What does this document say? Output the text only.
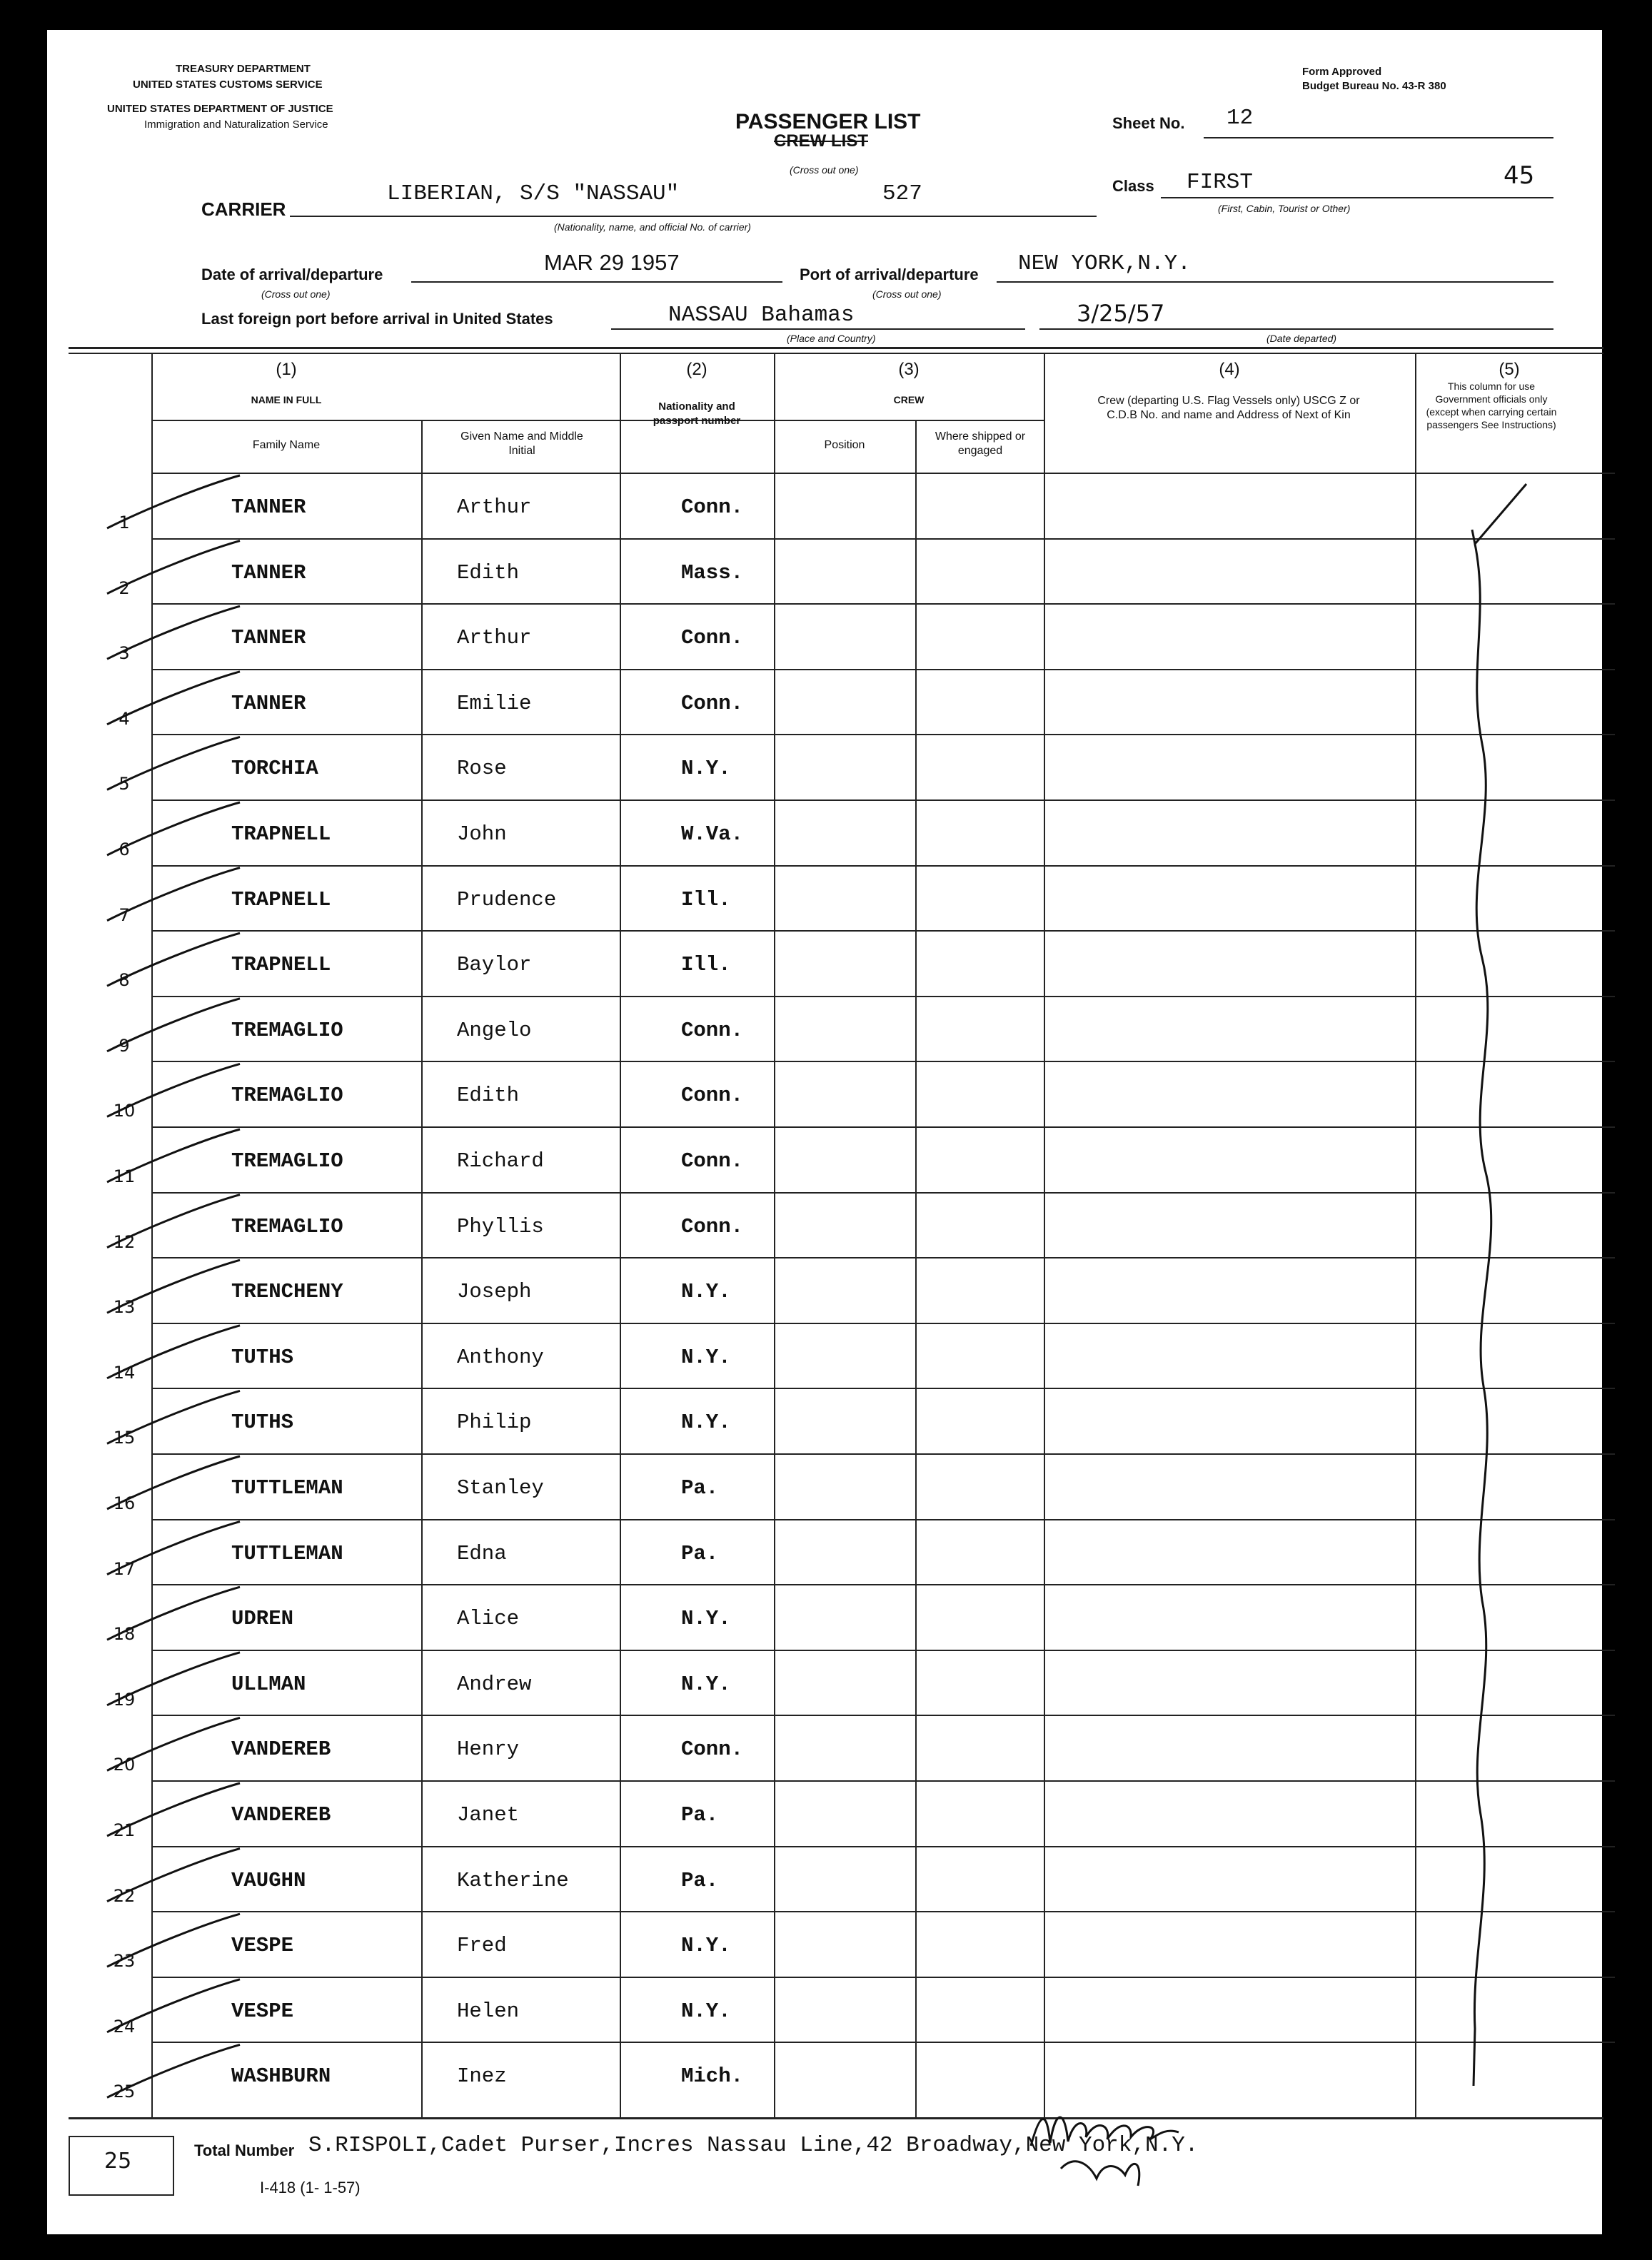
TREASURY DEPARTMENT
UNITED STATES CUSTOMS SERVICE
UNITED STATES DEPARTMENT OF JUSTICE
Immigration and Naturalization Service
Form Approved
Budget Bureau No. 43-R 380
PASSENGER LIST
CREW LIST
(Cross out one)
Sheet No. 12
CARRIER
LIBERIAN, S/S "NASSAU"	527
(Nationality, name, and official No. of carrier)
Class FIRST	45
(First, Cabin, Tourist or Other)
Date of arrival/departure	MAR 29 1957
(Cross out one)
Port of arrival/departure NEW YORK,N.Y.
(Cross out one)
Last foreign port before arrival in United States	NASSAU Bahamas
(Place and Country)
3/25/57
(Date departed)
(1)
NAME IN FULL
Family Name
Given Name and Middle Initial
(2)
Nationality and passport number
(3)
CREW
Position
Where shipped or engaged
(4)
Crew (departing U.S. Flag Vessels only) USCG Z or C.D.B No. and name and Address of Next of Kin
(5)
This column for use Government officials only (except when carrying certain passengers See Instructions)
1
TANNER	Arthur	Conn.
2
TANNER	Edith	Mass.
3
TANNER	Arthur	Conn.
4
TANNER	Emilie	Conn.
5
TORCHIA	Rose	N.Y.
6
TRAPNELL	John	W.Va.
7
TRAPNELL	Prudence	Ill.
8
TRAPNELL	Baylor	Ill.
9
TREMAGLIO	Angelo	Conn.
10
TREMAGLIO	Edith	Conn.
11
TREMAGLIO	Richard	Conn.
12
TREMAGLIO	Phyllis	Conn.
13
TRENCHENY	Joseph	N.Y.
14
TUTHS	Anthony	N.Y.
15
TUTHS	Philip	N.Y.
16
TUTTLEMAN	Stanley	Pa.
17
TUTTLEMAN	Edna	Pa.
18
UDREN	Alice	N.Y.
19
ULLMAN	Andrew	N.Y.
20
VANDEREB	Henry	Conn.
21
VANDEREB	Janet	Pa.
22
VAUGHN	Katherine	Pa.
23
VESPE	Fred	N.Y.
24
VESPE	Helen	N.Y.
25
WASHBURN	Inez	Mich.
25	Total Number S.RISPOLI,Cadet Purser,Incres Nassau Line,42 Broadway,New York,N.Y.
I-418 (1- 1-57)
